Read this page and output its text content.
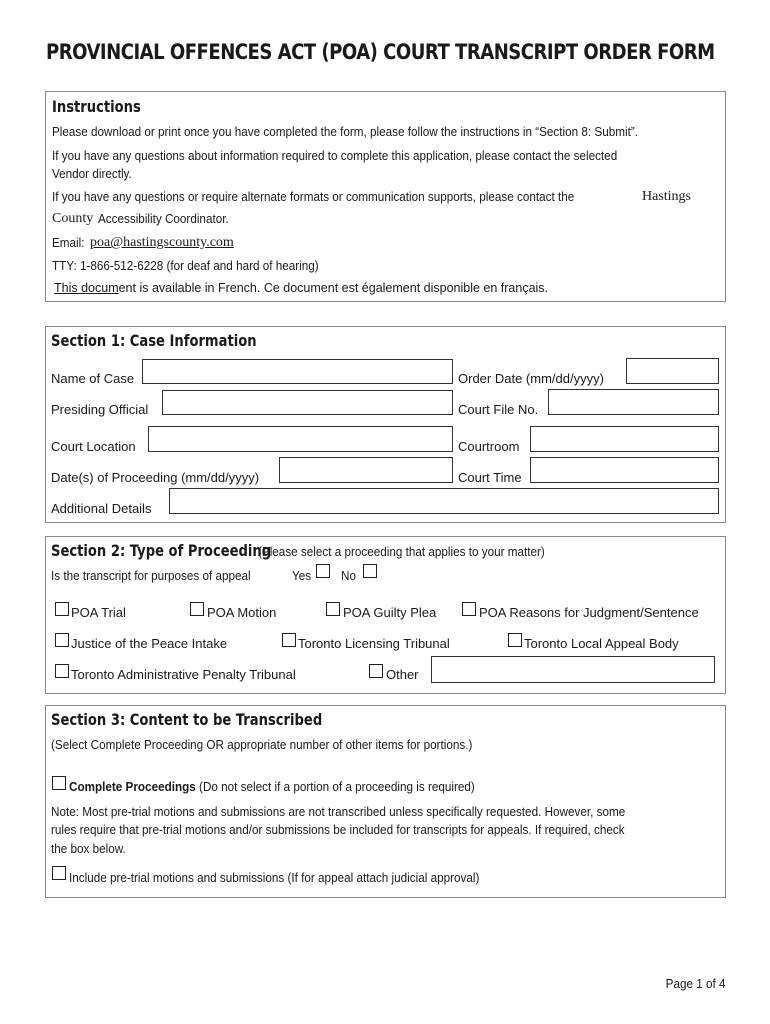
PROVINCIAL OFFENCES ACT (POA) COURT TRANSCRIPT ORDER FORM
Instructions
Please download or print once you have completed the form, please follow the instructions in “Section 8: Submit”.
If you have any questions about information required to complete this application, please contact the selected
Vendor directly.
If you have any questions or require alternate formats or communication supports, please contact the	Hastings
County Accessibility Coordinator.
Email: poa@hastingscounty.com
TTY: 1-866-512-6228 (for deaf and hard of hearing)
This document is available in French. Ce document est également disponible en français.
Section 1: Case Information
Name of Case	Order Date (mm/dd/yyyy)
Presiding Official	Court File No.
Court Location	Courtroom
Date(s) of Proceeding (mm/dd/yyyy)	Court Time
Additional Details
Section 2: Type of Proceeding
(Please select a proceeding that applies to your matter)
Is the transcript for purposes of appeal	Yes No
POA Trial	POA Motion	POA Guilty Plea	POA Reasons for Judgment/Sentence
Justice of the Peace Intake	Toronto Licensing Tribunal	Toronto Local Appeal Body
Toronto Administrative Penalty Tribunal	Other
Section 3: Content to be Transcribed
(Select Complete Proceeding OR appropriate number of other items for portions.)
Complete Proceedings (Do not select if a portion of a proceeding is required)
Note: Most pre-trial motions and submissions are not transcribed unless specifically requested. However, some
rules require that pre-trial motions and/or submissions be included for transcripts for appeals. If required, check
the box below.
Include pre-trial motions and submissions (If for appeal attach judicial approval)
Page 1 of 4
